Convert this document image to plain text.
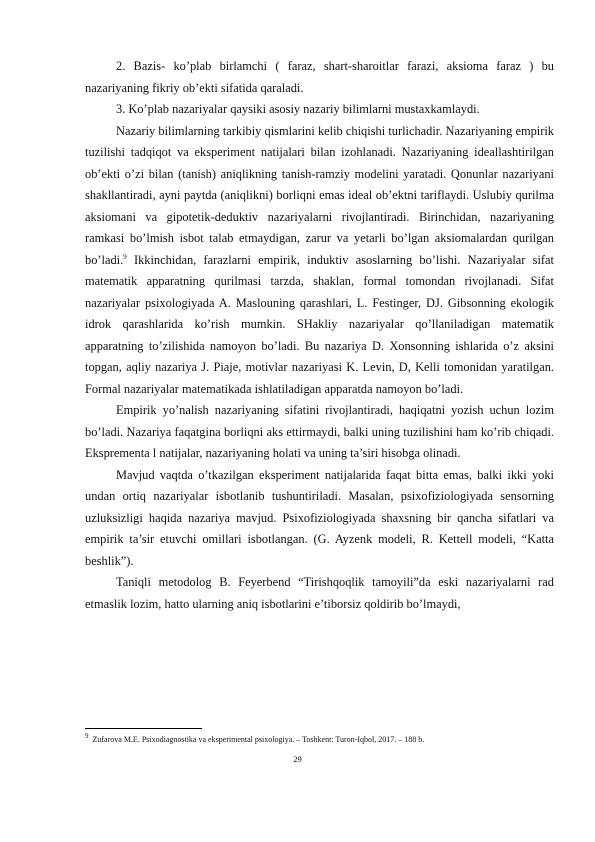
2. Bazis- ko’plab birlamchi ( faraz, shart-sharoitlar farazi, aksioma faraz ) bu nazariyaning fikriy ob’ekti sifatida qaraladi.

3. Ko’plab nazariyalar qaysiki asosiy nazariy bilimlarni mustaxkamlaydi.

Nazariy bilimlarning tarkibiy qismlarini kelib chiqishi turlichadir. Nazariyaning empirik tuzilishi tadqiqot va eksperiment natijalari bilan izohlanadi. Nazariyaning ideallashtirilgan ob’ekti o’zi bilan (tanish) aniqlikning tanish-ramziy modelini yaratadi. Qonunlar nazariyani shakllantiradi, ayni paytda (aniqlikni) borliqni emas ideal ob’ektni tariflaydi. Uslubiy qurilma aksiomani va gipotetik-deduktiv nazariyalarni rivojlantiradi. Birinchidan, nazariyaning ramkasi bo’lmish isbot talab etmaydigan, zarur va yetarli bo’lgan aksiomalardan qurilgan bo’ladi.$^9$ Ikkinchidan, farazlarni empirik, induktiv asoslarning bo’lishi. Nazariyalar sifat matematik apparatning qurilmasi tarzda, shaklan, formal tomondan rivojlanadi. Sifat nazariyalar psixologiyada A. Maslouning qarashlari, L. Festinger, DJ. Gibsonning ekologik idrok qarashlarida ko’rish mumkin. SHakliy nazariyalar qo’llaniladigan matematik apparatning to’zilishida namoyon bo’ladi. Bu nazariya D. Xonsonning ishlarida o’z aksini topgan, aqliy nazariya J. Piaje, motivlar nazariyasi K. Levin, D, Kelli tomonidan yaratilgan. Formal nazariyalar matematikada ishlatiladigan apparatda namoyon bo’ladi.

Empirik yo’nalish nazariyaning sifatini rivojlantiradi, haqiqatni yozish uchun lozim bo’ladi. Nazariya faqatgina borliqni aks ettirmaydi, balki uning tuzilishini ham ko’rib chiqadi. Eksprementa l natijalar, nazariyaning holati va uning ta’siri hisobga olinadi.

Mavjud vaqtda o’tkazilgan eksperiment natijalarida faqat bitta emas, balki ikki yoki undan ortiq nazariyalar isbotlanib tushuntiriladi. Masalan, psixofiziologiyada sensorning uzluksizligi haqida nazariya mavjud. Psixofiziologiyada shaxsning bir qancha sifatlari va empirik ta’sir etuvchi omillari isbotlangan. (G. Ayzenk modeli, R. Kettell modeli, “Katta beshlik”).

Taniqli metodolog B. Feyerbend “Tirishqoqlik tamoyili”da eski nazariyalarni rad etmaslik lozim, hatto ularning aniq isbotlarini e’tiborsiz qoldirib bo’lmaydi,

9 Zufarova M.E. Psixodiagnostika va eksperimental psixologiya. – Toshkent: Turon-Iqbol, 2017. – 188 b.
29
